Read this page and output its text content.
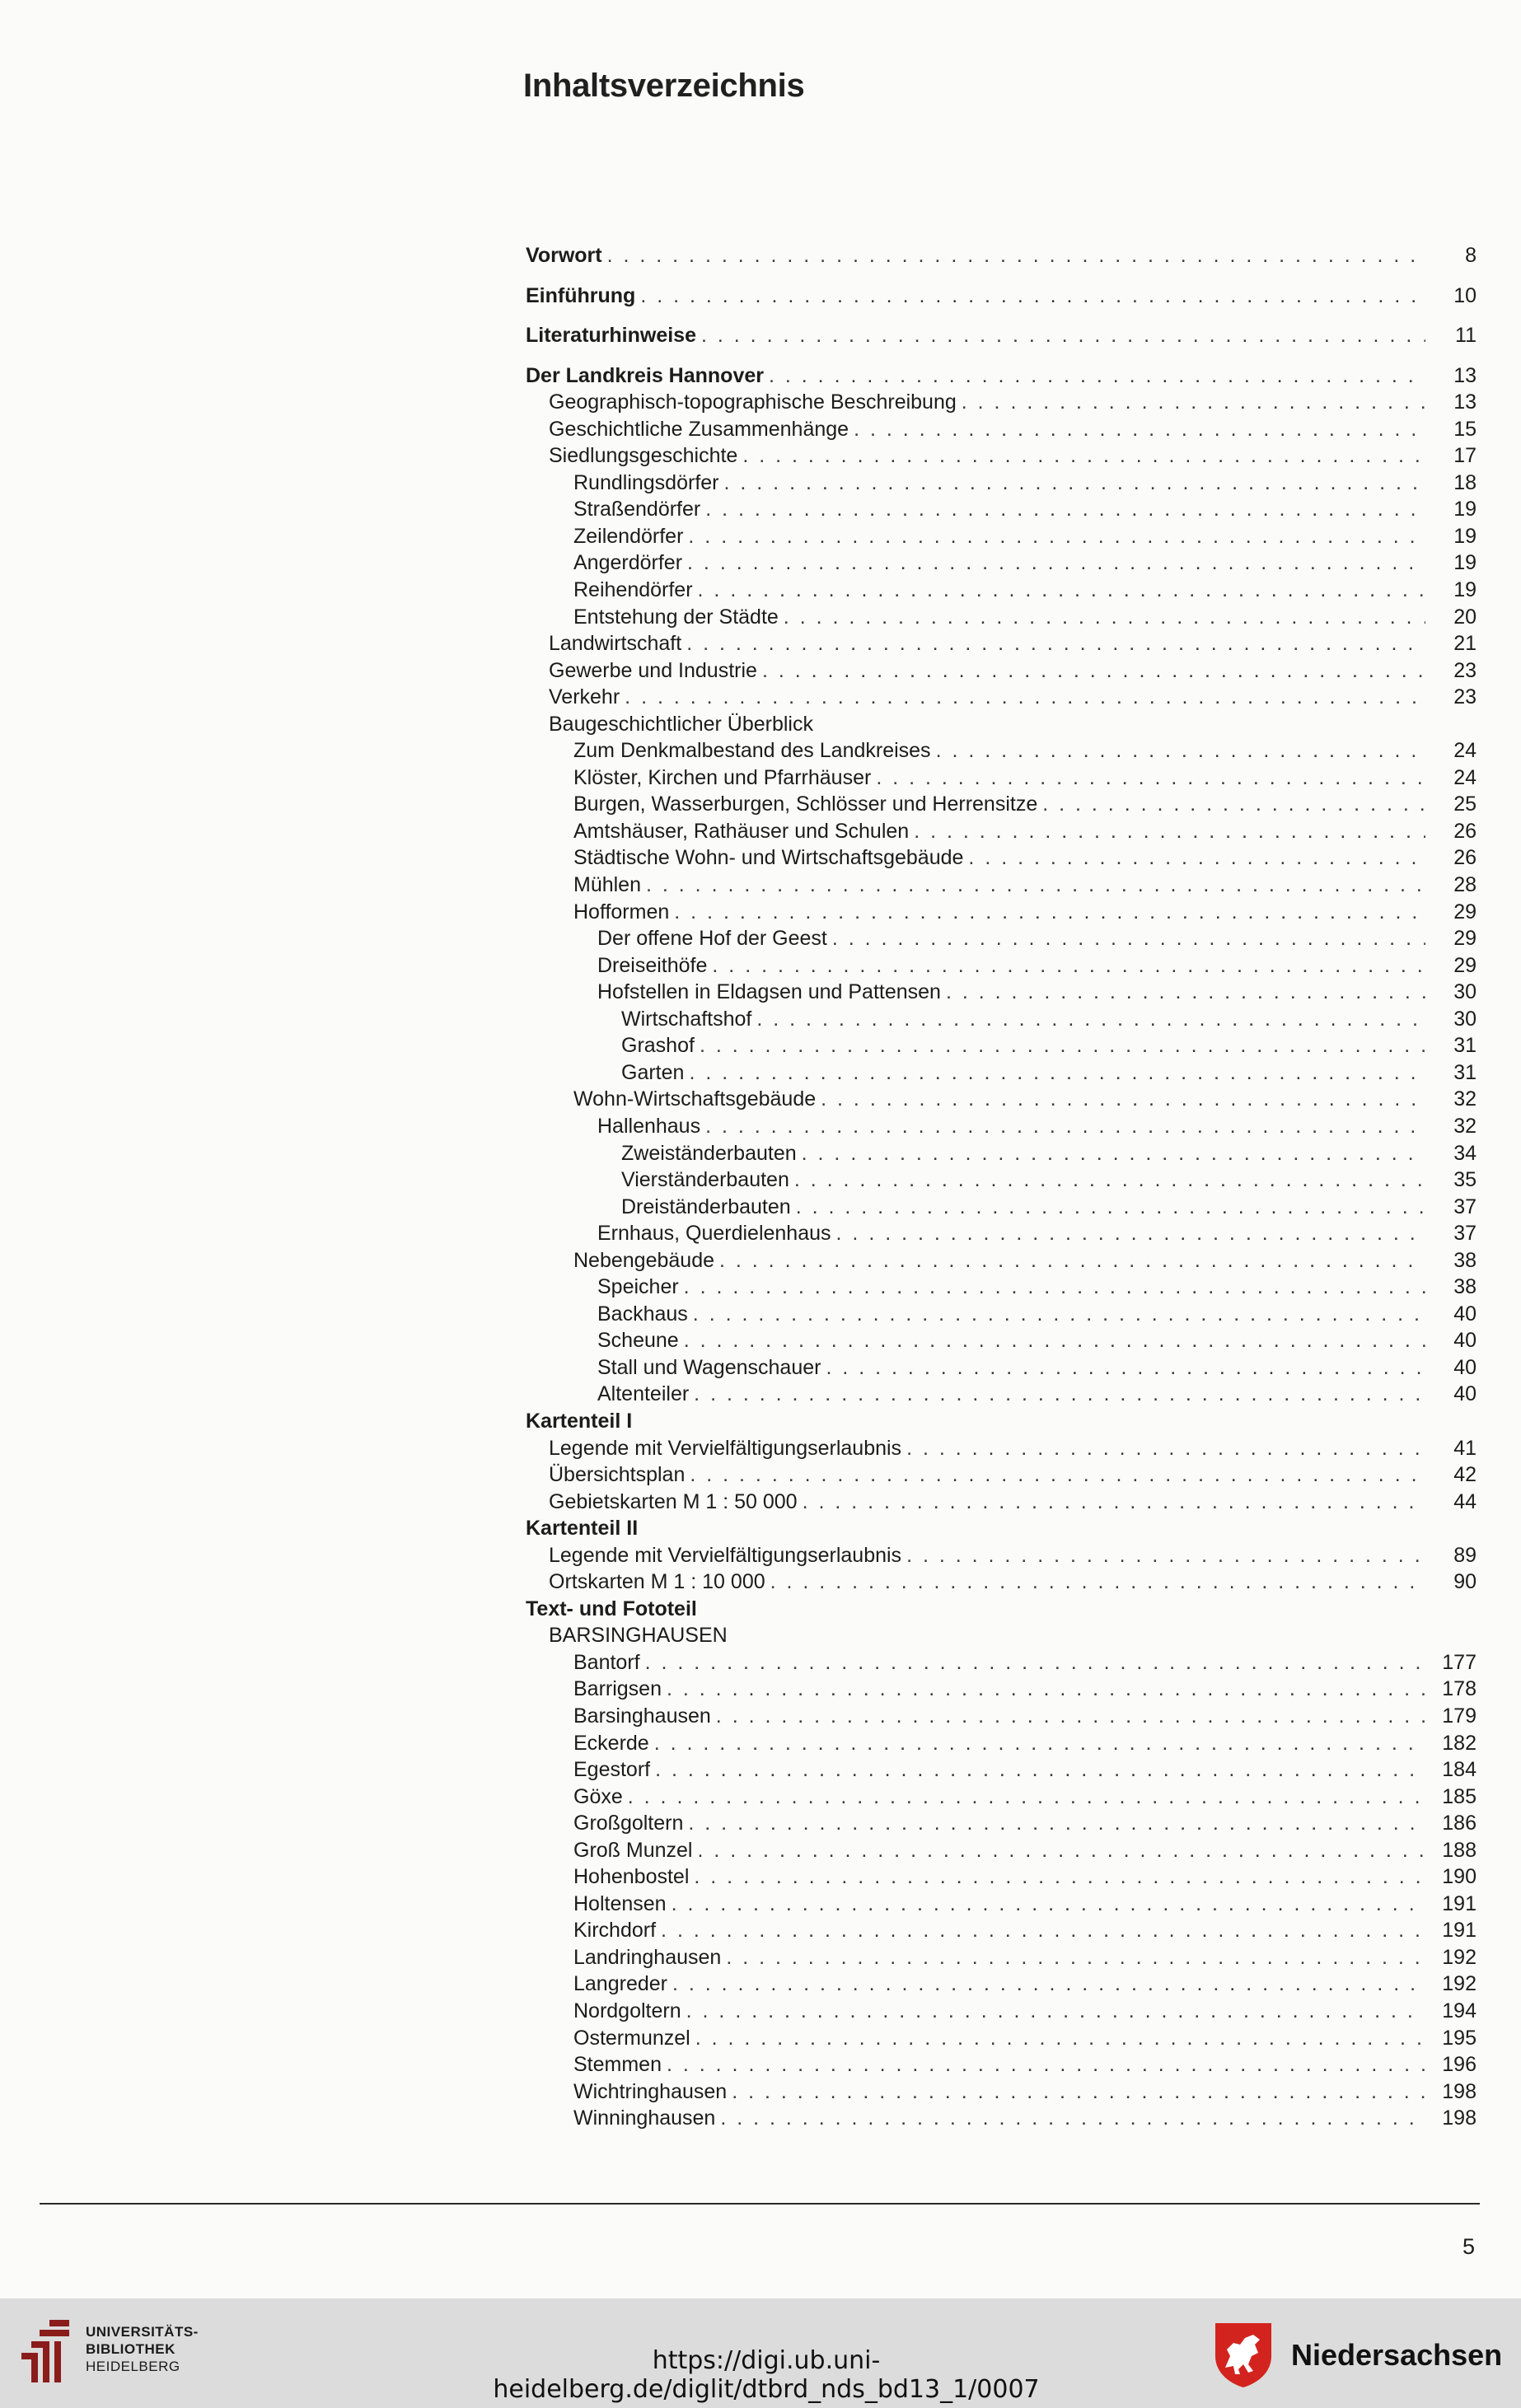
Inhaltsverzeichnis
Vorwort . . .	8
Einführung . . .	10
Literaturhinweise . . .	11
Der Landkreis Hannover . . .	13
Geographisch-topographische Beschreibung . . .	13
Geschichtliche Zusammenhänge . . .	15
Siedlungsgeschichte . . .	17
Rundlingsdörfer . . .	18
Straßendörfer . . .	19
Zeilendörfer . . .	19
Angerdörfer . . .	19
Reihendörfer . . .	19
Entstehung der Städte . . .	20
Landwirtschaft . . .	21
Gewerbe und Industrie . . .	23
Verkehr . . .	23
Baugeschichtlicher Überblick
Zum Denkmalbestand des Landkreises . . .	24
Klöster, Kirchen und Pfarrhäuser . . .	24
Burgen, Wasserburgen, Schlösser und Herrensitze . . .	25
Amtshäuser, Rathäuser und Schulen . . .	26
Städtische Wohn- und Wirtschaftsgebäude . . .	26
Mühlen . . .	28
Hofformen . . .	29
Der offene Hof der Geest . . .	29
Dreiseithöfe . . .	29
Hofstellen in Eldagsen und Pattensen . . .	30
Wirtschaftshof . . .	30
Grashof . . .	31
Garten . . .	31
Wohn-Wirtschaftsgebäude . . .	32
Hallenhaus . . .	32
Zweiständerbauten . . .	34
Vierständerbauten . . .	35
Dreiständerbauten . . .	37
Ernhaus, Querdielenhaus . . .	37
Nebengebäude . . .	38
Speicher . . .	38
Backhaus . . .	40
Scheune . . .	40
Stall und Wagenschauer . . .	40
Altenteiler . . .	40
Kartenteil I
Legende mit Vervielfältigungserlaubnis . . .	41
Übersichtsplan . . .	42
Gebietskarten M 1 : 50 000 . . .	44
Kartenteil II
Legende mit Vervielfältigungserlaubnis . . .	89
Ortskarten M 1 : 10 000 . . .	90
Text- und Fototeil
BARSINGHAUSEN
Bantorf . . .	177
Barrigsen . . .	178
Barsinghausen . . .	179
Eckerde . . .	182
Egestorf . . .	184
Göxe . . .	185
Großgoltern . . .	186
Groß Munzel . . .	188
Hohenbostel . . .	190
Holtensen . . .	191
Kirchdorf . . .	191
Landringhausen . . .	192
Langreder . . .	192
Nordgoltern . . .	194
Ostermunzel . . .	195
Stemmen . . .	196
Wichtringhausen . . .	198
Winninghausen . . .	198
5
UNIVERSITÄTS-
BIBLIOTHEK
HEIDELBERG	https://digi.ub.uni-heidelberg.de/diglit/dtbrd_nds_bd13_1/0007
Niedersachsen
